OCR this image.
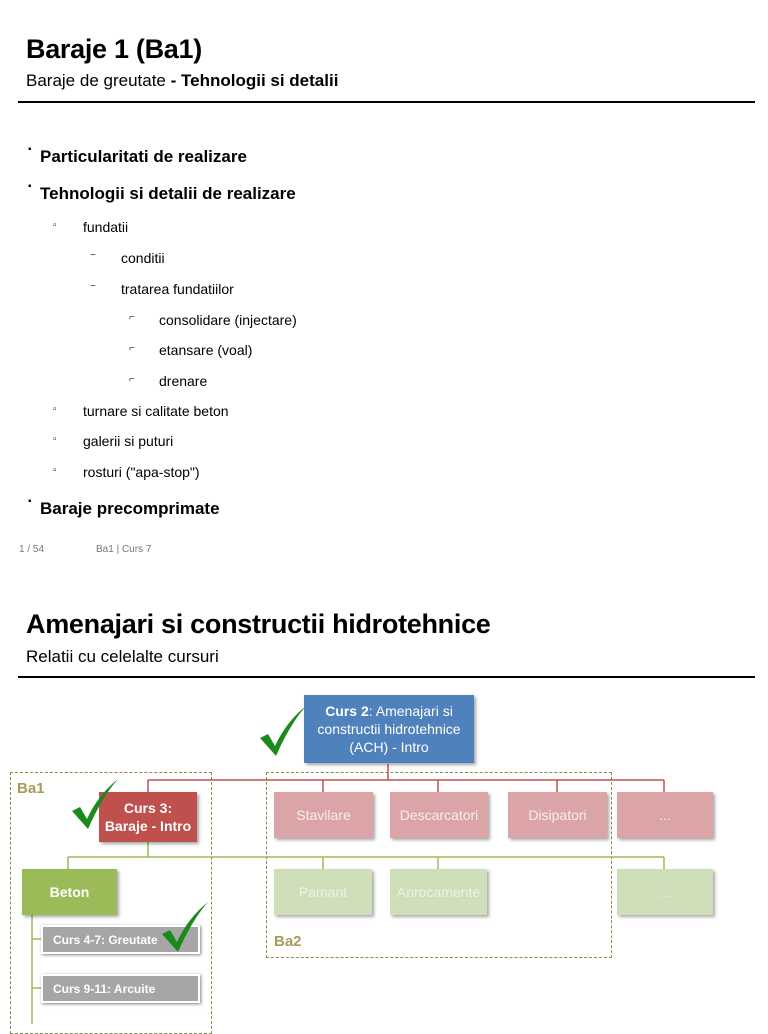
Baraje 1 (Ba1)
Baraje de greutate - Tehnologii si detalii
▪ Particularitati de realizare
▪ Tehnologii si detalii de realizare
▫ fundatii
− conditii
− tratarea fundatiilor
⌐ consolidare (injectare)
⌐ etansare (voal)
⌐ drenare
▫ turnare si calitate beton
▫ galerii si puturi
▫ rosturi ("apa-stop")
▪ Baraje precomprimate
1 / 54	Ba1 | Curs 7
Amenajari si constructii hidrotehnice
Relatii cu celelalte cursuri
Ba1
Ba2
Curs 2: Amenajari si constructii hidrotehnice (ACH) - Intro
Curs 3:
Baraje - Intro
Stavilare	Descarcatori	Disipatori	...
Beton	Pamant	Anrocamente	...
Curs 4-7: Greutate
Curs 9-11: Arcuite
